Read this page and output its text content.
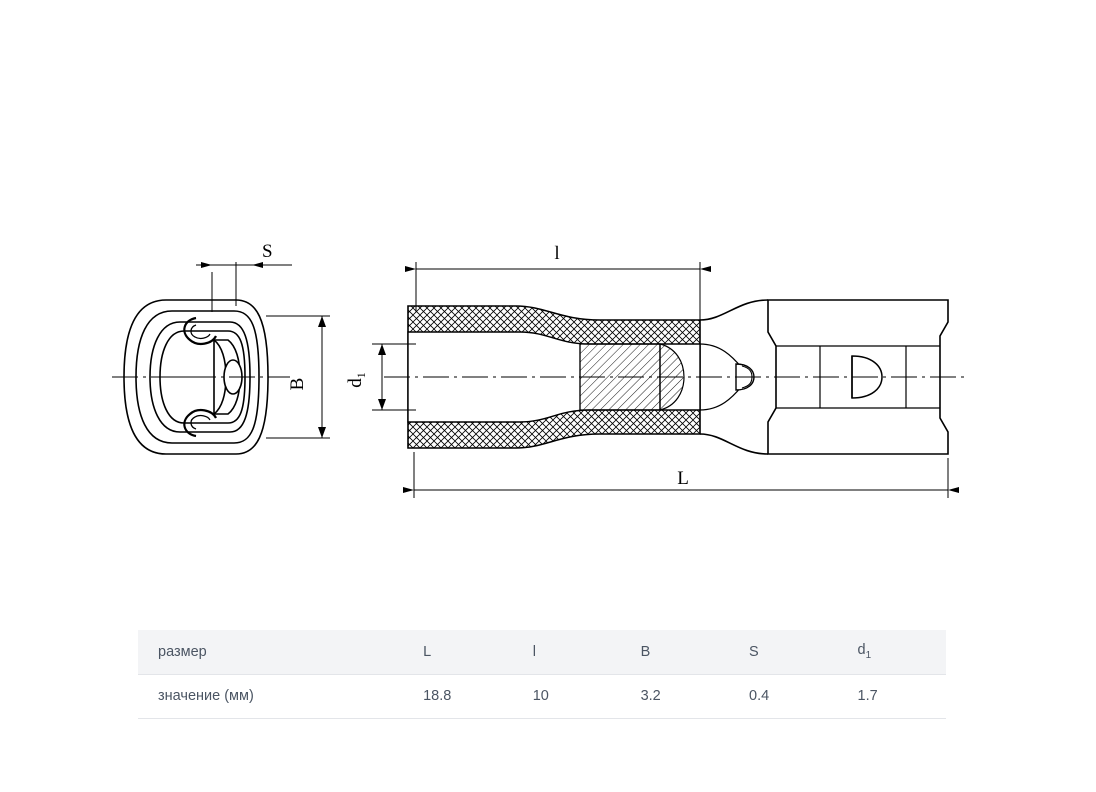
S
B
l
L
$d_1$
размер	L	l	B	S	$d_1$
значение (мм)	18.8	10	3.2	0.4	1.7
